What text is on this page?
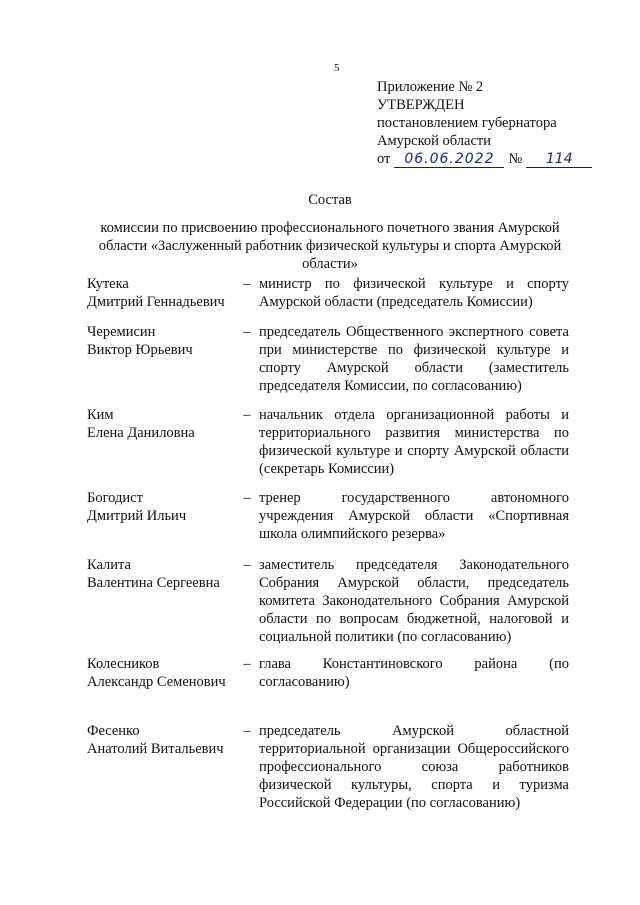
5
Приложение № 2
УТВЕРЖДЕН
постановлением губернатора
Амурской области
от 06.06.2022 №	114
Состав
комиссии по присвоению профессионального почетного звания Амурской
области «Заслуженный работник физической культуры и спорта Амурской
области»
Кутека
Дмитрий Геннадьевич
– министр по физической культуре и спорту Амурской области (председатель Комиссии)
Черемисин
Виктор Юрьевич
– председатель Общественного экспертного совета при министерстве по физической культуре и спорту Амурской области (заместитель председателя Комиссии, по согласованию)
Ким
Елена Даниловна
– начальник отдела организационной работы и территориального развития министерства по физической культуре и спорту Амурской области (секретарь Комиссии)
Богодист
Дмитрий Ильич
– тренер государственного автономного учреждения Амурской области «Спортивная школа олимпийского резерва»
Калита
Валентина Сергеевна
– заместитель председателя Законодательного Собрания Амурской области, председатель комитета Законодательного Собрания Амурской области по вопросам бюджетной, налоговой и социальной политики (по согласованию)
Колесников
Александр Семенович
– глава Константиновского района (по согласованию)
Фесенко
Анатолий Витальевич
– председатель Амурской областной территориальной организации Общероссийского профессионального союза работников физической культуры, спорта и туризма Российской Федерации (по согласованию)
